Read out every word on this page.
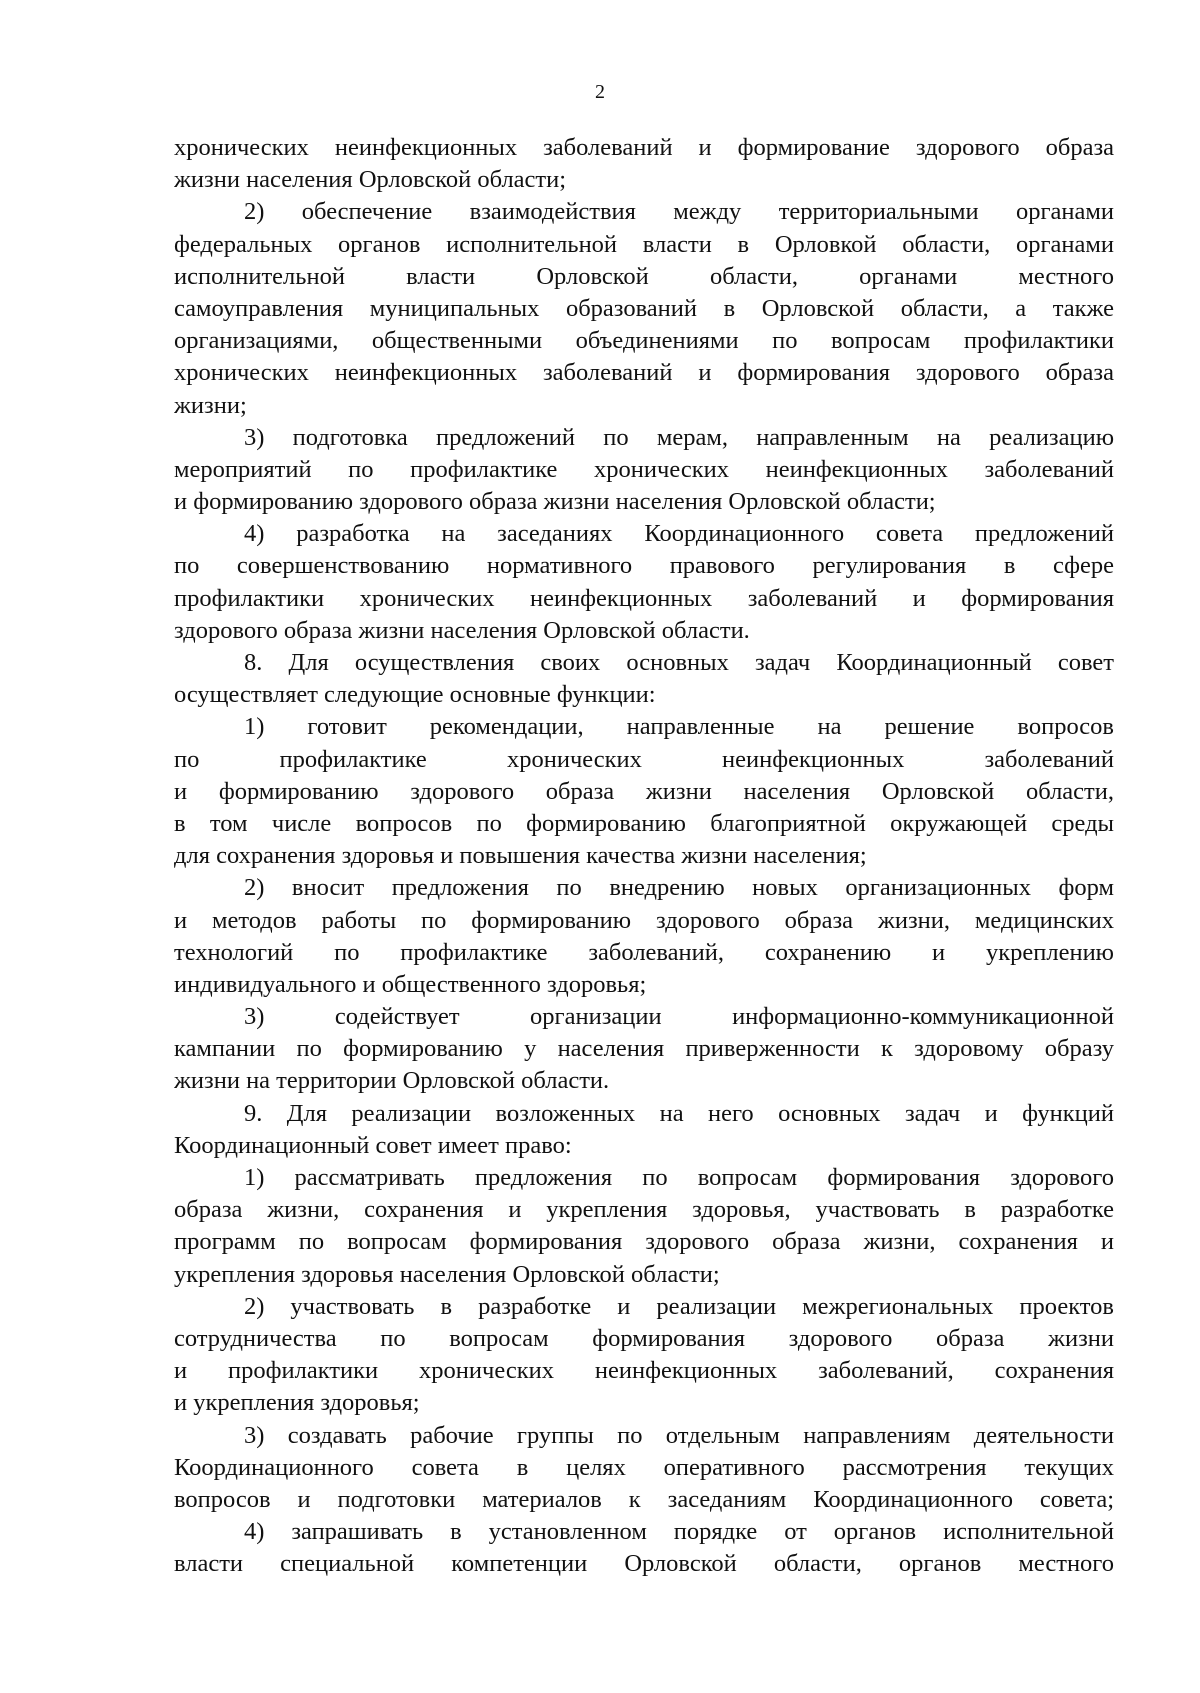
2
хронических неинфекционных заболеваний и формирование здорового образа
жизни населения Орловской области;
2) обеспечение взаимодействия между территориальными органами
федеральных органов исполнительной власти в Орловкой области, органами
исполнительной власти Орловской области, органами местного
самоуправления муниципальных образований в Орловской области, а также
организациями, общественными объединениями по вопросам профилактики
хронических неинфекционных заболеваний и формирования здорового образа
жизни;
3) подготовка предложений по мерам, направленным на реализацию
мероприятий по профилактике хронических неинфекционных заболеваний
и формированию здорового образа жизни населения Орловской области;
4) разработка на заседаниях Координационного совета предложений
по совершенствованию нормативного правового регулирования в сфере
профилактики хронических неинфекционных заболеваний и формирования
здорового образа жизни населения Орловской области.
8. Для осуществления своих основных задач Координационный совет
осуществляет следующие основные функции:
1) готовит рекомендации, направленные на решение вопросов
по профилактике хронических неинфекционных заболеваний
и формированию здорового образа жизни населения Орловской области,
в том числе вопросов по формированию благоприятной окружающей среды
для сохранения здоровья и повышения качества жизни населения;
2) вносит предложения по внедрению новых организационных форм
и методов работы по формированию здорового образа жизни, медицинских
технологий по профилактике заболеваний, сохранению и укреплению
индивидуального и общественного здоровья;
3) содействует организации информационно-коммуникационной
кампании по формированию у населения приверженности к здоровому образу
жизни на территории Орловской области.
9. Для реализации возложенных на него основных задач и функций
Координационный совет имеет право:
1) рассматривать предложения по вопросам формирования здорового
образа жизни, сохранения и укрепления здоровья, участвовать в разработке
программ по вопросам формирования здорового образа жизни, сохранения и
укрепления здоровья населения Орловской области;
2) участвовать в разработке и реализации межрегиональных проектов
сотрудничества по вопросам формирования здорового образа жизни
и профилактики хронических неинфекционных заболеваний, сохранения
и укрепления здоровья;
3) создавать рабочие группы по отдельным направлениям деятельности
Координационного совета в целях оперативного рассмотрения текущих
вопросов и подготовки материалов к заседаниям Координационного совета;
4) запрашивать в установленном порядке от органов исполнительной
власти специальной компетенции Орловской области, органов местного
